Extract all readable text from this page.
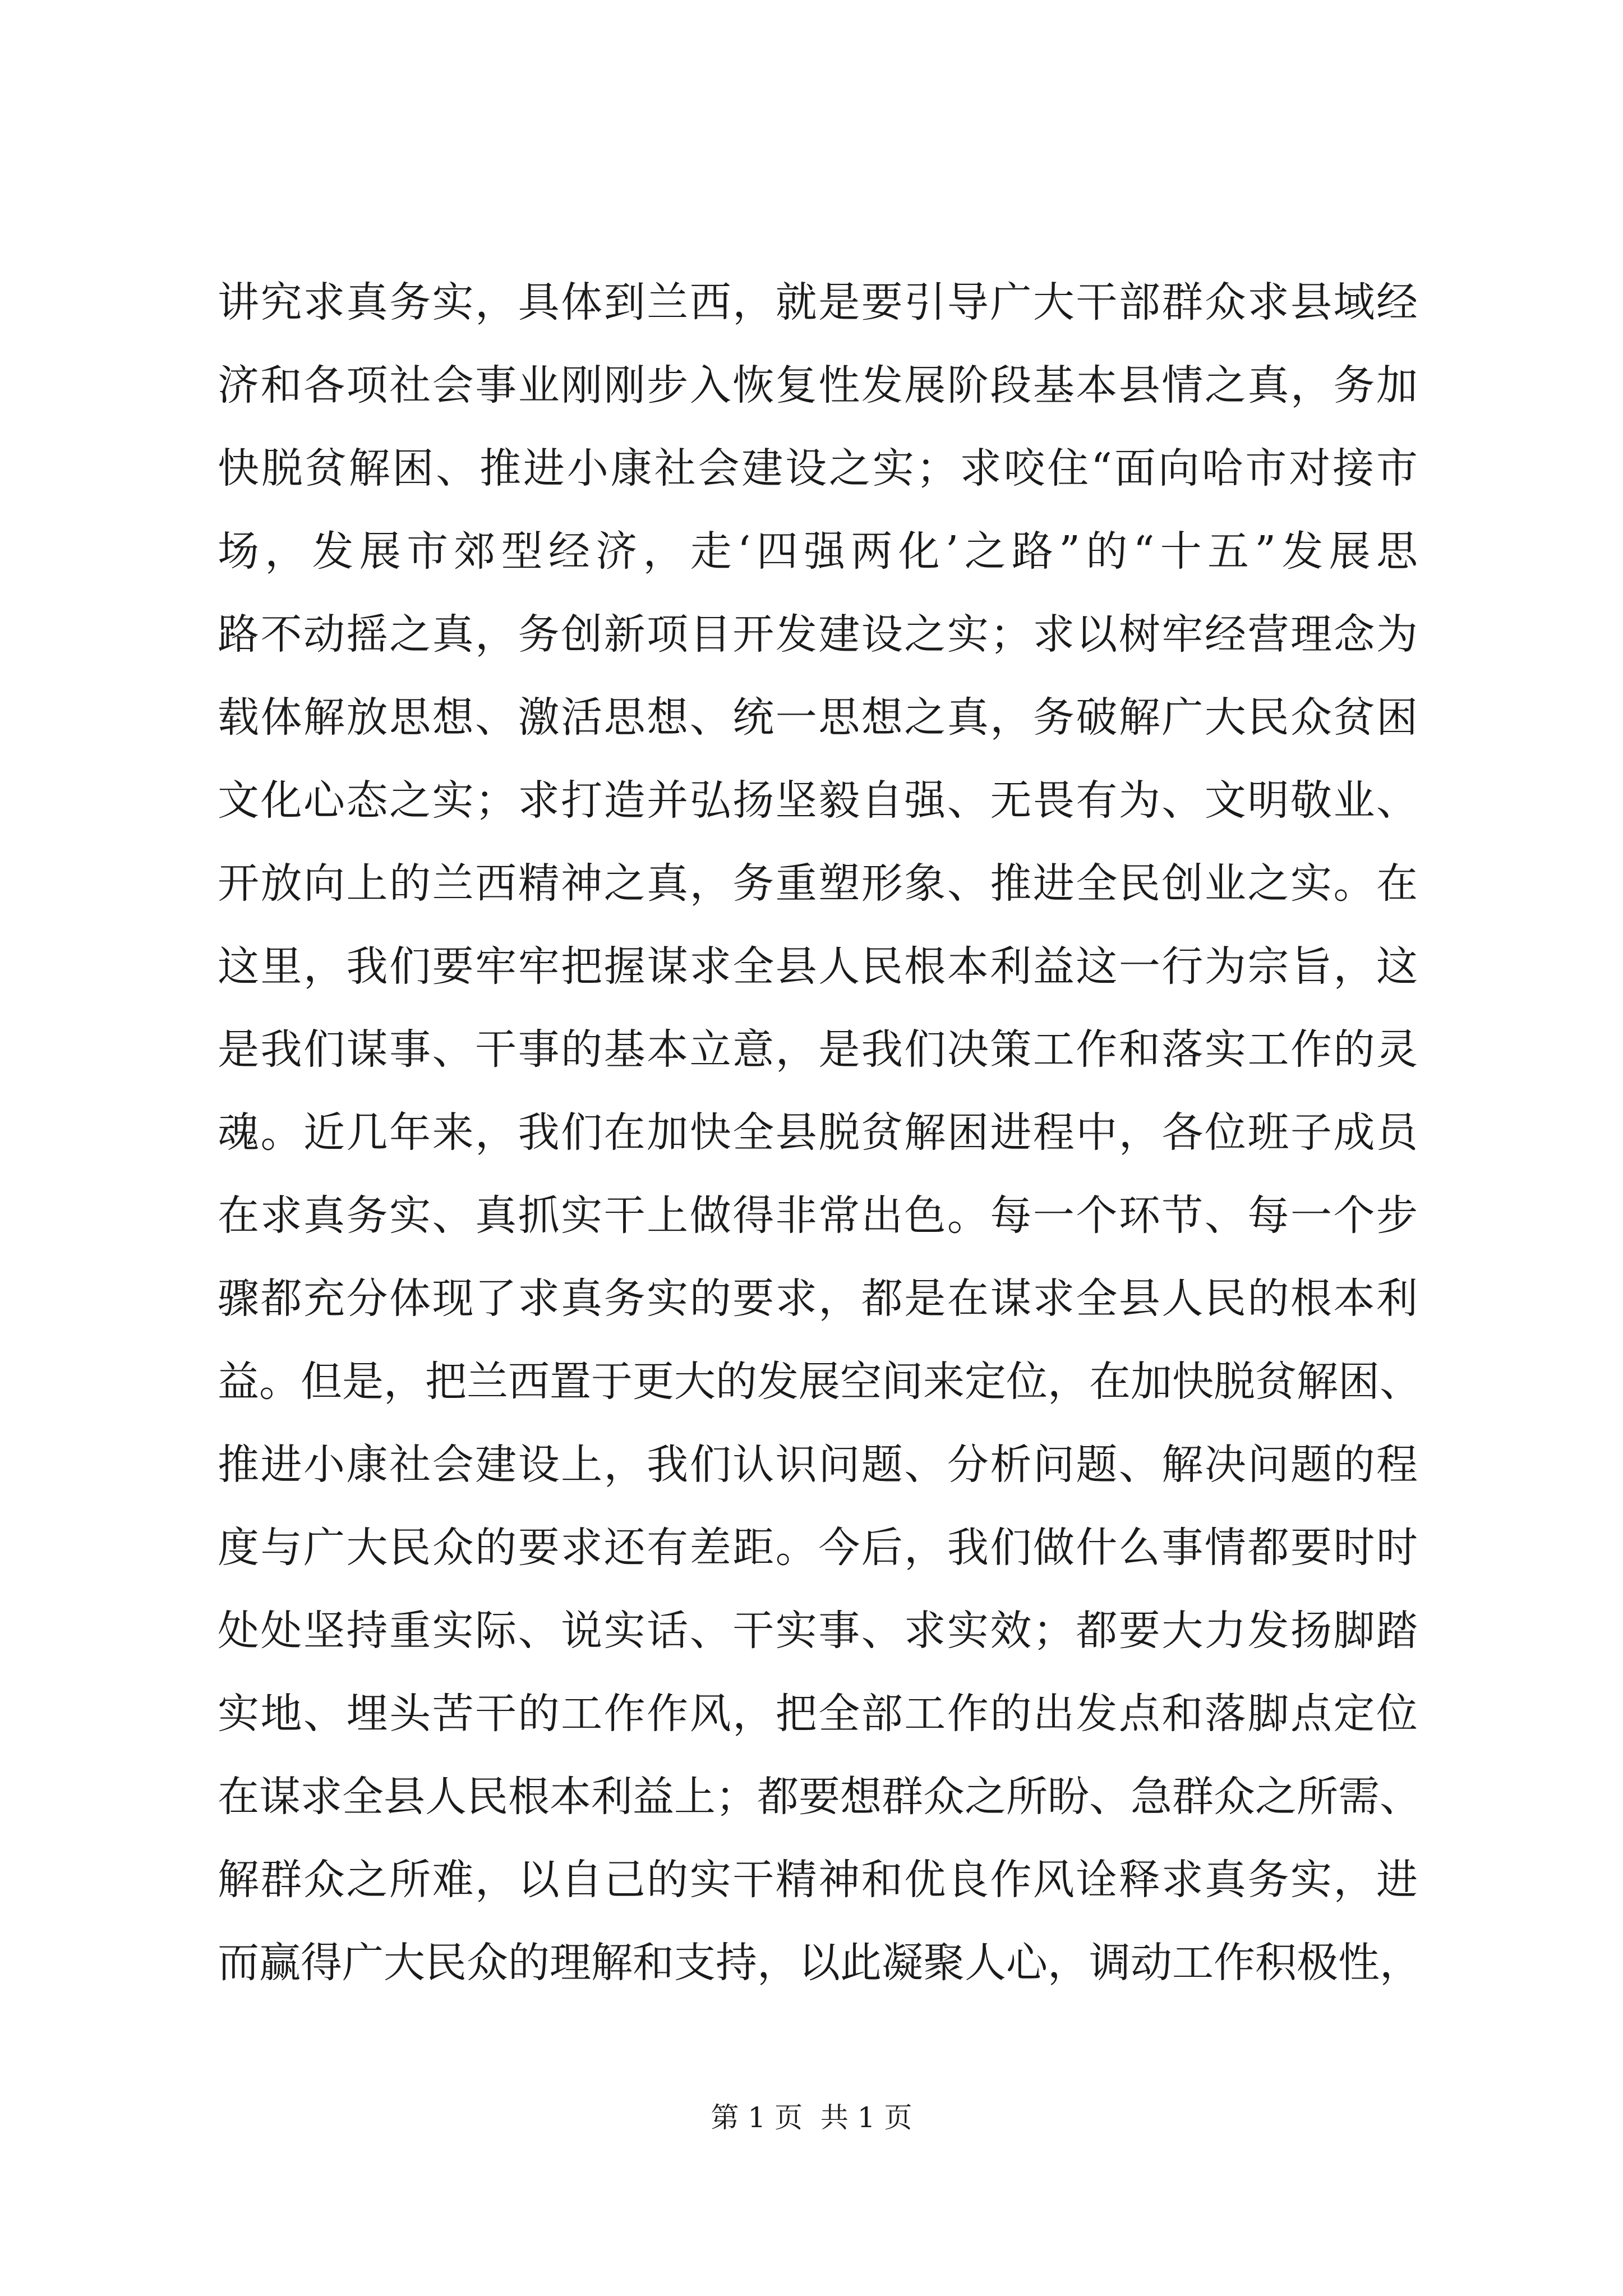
讲究求真务实，具体到兰西，就是要引导广大干部群众求县域经
济和各项社会事业刚刚步入恢复性发展阶段基本县情之真，务加
快脱贫解困、推进小康社会建设之实；求咬住“面向哈市对接市
场，发展市郊型经济，走‘四强两化’之路”的“十五”发展思
路不动摇之真，务创新项目开发建设之实；求以树牢经营理念为
载体解放思想、激活思想、统一思想之真，务破解广大民众贫困
文化心态之实；求打造并弘扬坚毅自强、无畏有为、文明敬业、
开放向上的兰西精神之真，务重塑形象、推进全民创业之实。在
这里，我们要牢牢把握谋求全县人民根本利益这一行为宗旨，这
是我们谋事、干事的基本立意，是我们决策工作和落实工作的灵
魂。近几年来，我们在加快全县脱贫解困进程中，各位班子成员
在求真务实、真抓实干上做得非常出色。每一个环节、每一个步
骤都充分体现了求真务实的要求，都是在谋求全县人民的根本利
益。但是，把兰西置于更大的发展空间来定位，在加快脱贫解困、
推进小康社会建设上，我们认识问题、分析问题、解决问题的程
度与广大民众的要求还有差距。今后，我们做什么事情都要时时
处处坚持重实际、说实话、干实事、求实效；都要大力发扬脚踏
实地、埋头苦干的工作作风，把全部工作的出发点和落脚点定位
在谋求全县人民根本利益上；都要想群众之所盼、急群众之所需、
解群众之所难，以自己的实干精神和优良作风诠释求真务实，进
而赢得广大民众的理解和支持，以此凝聚人心，调动工作积极性，
第 1 页  共 1 页
